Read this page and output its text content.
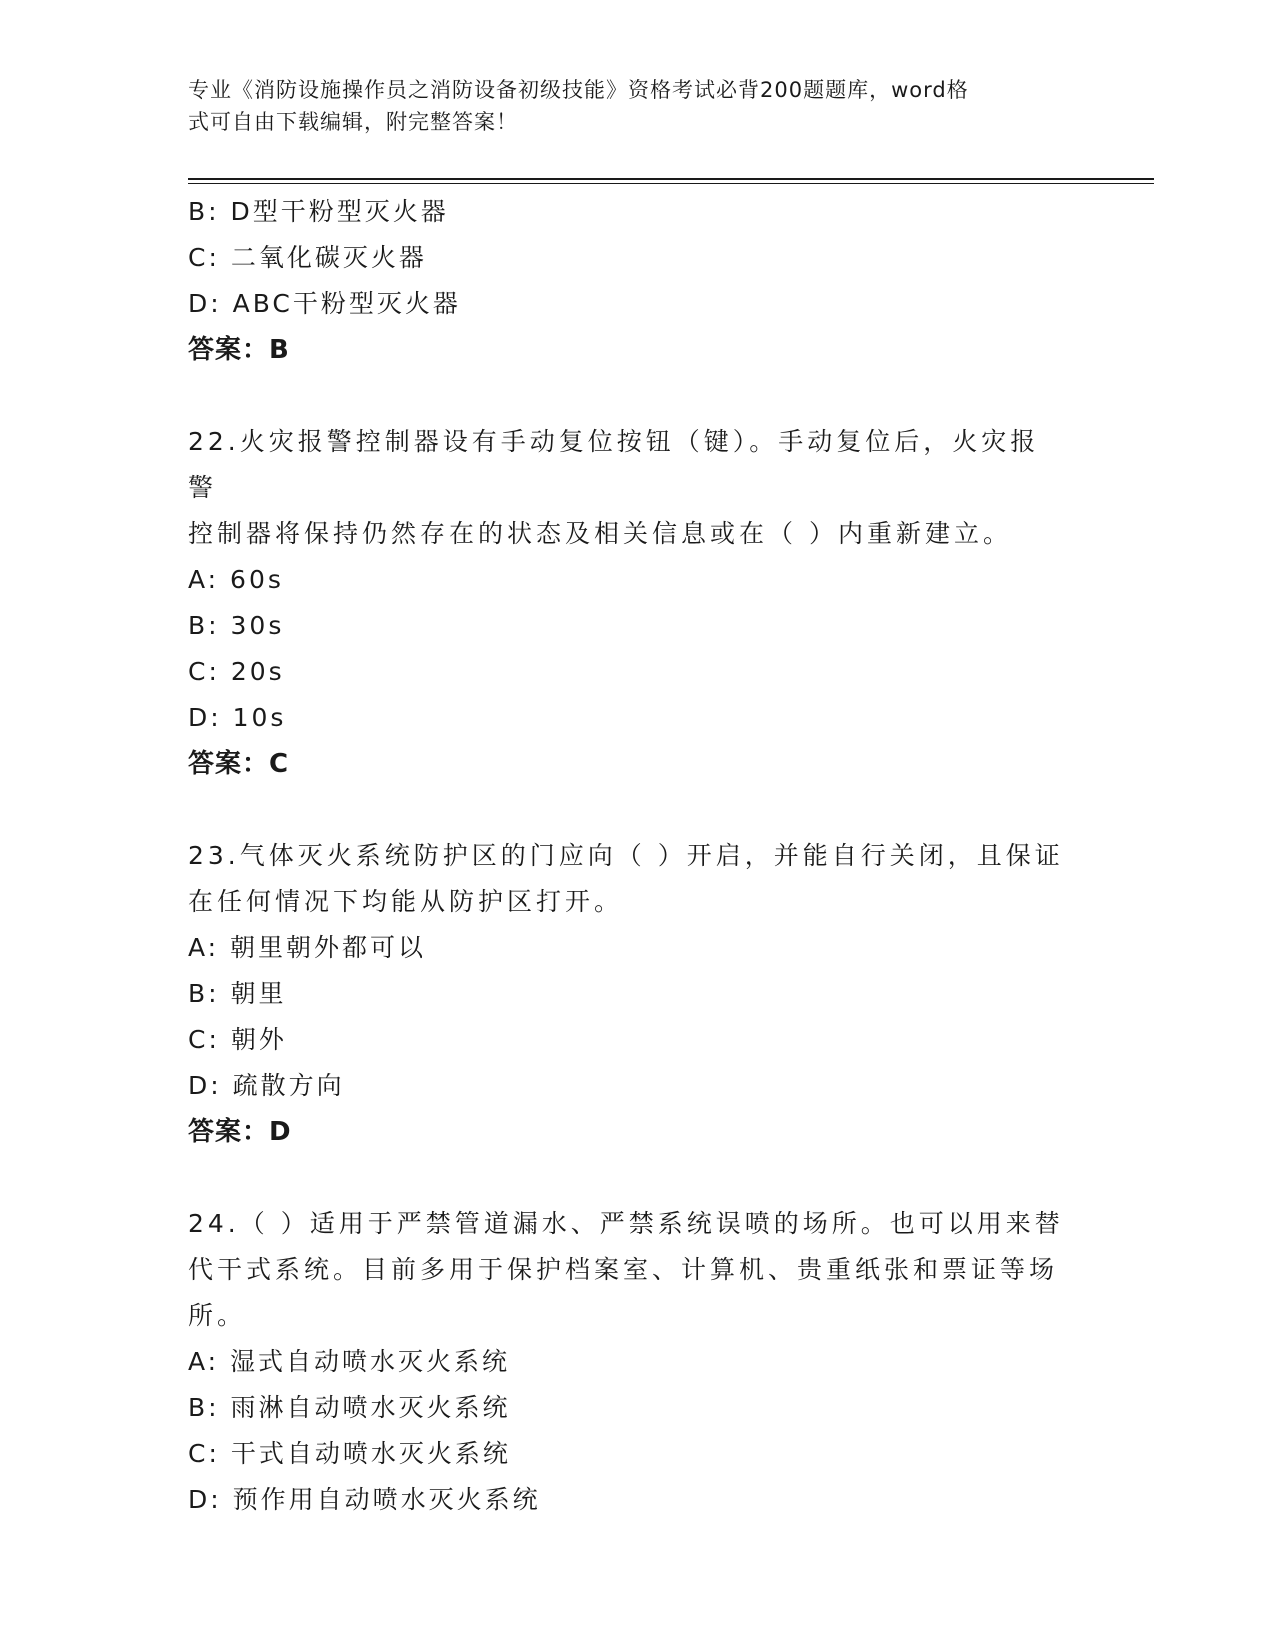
专业《消防设施操作员之消防设备初级技能》资格考试必背200题题库，word格
式可自由下载编辑，附完整答案！
B: D型干粉型灭火器
C: 二氧化碳灭火器
D: ABC干粉型灭火器
答案：B
22.火灾报警控制器设有手动复位按钮（键）。手动复位后，火灾报警
控制器将保持仍然存在的状态及相关信息或在（ ）内重新建立。
A: 60s
B: 30s
C: 20s
D: 10s
答案：C
23.气体灭火系统防护区的门应向（ ）开启，并能自行关闭，且保证
在任何情况下均能从防护区打开。
A: 朝里朝外都可以
B: 朝里
C: 朝外
D: 疏散方向
答案：D
24.（ ）适用于严禁管道漏水、严禁系统误喷的场所。也可以用来替
代干式系统。目前多用于保护档案室、计算机、贵重纸张和票证等场
所。
A: 湿式自动喷水灭火系统
B: 雨淋自动喷水灭火系统
C: 干式自动喷水灭火系统
D: 预作用自动喷水灭火系统
